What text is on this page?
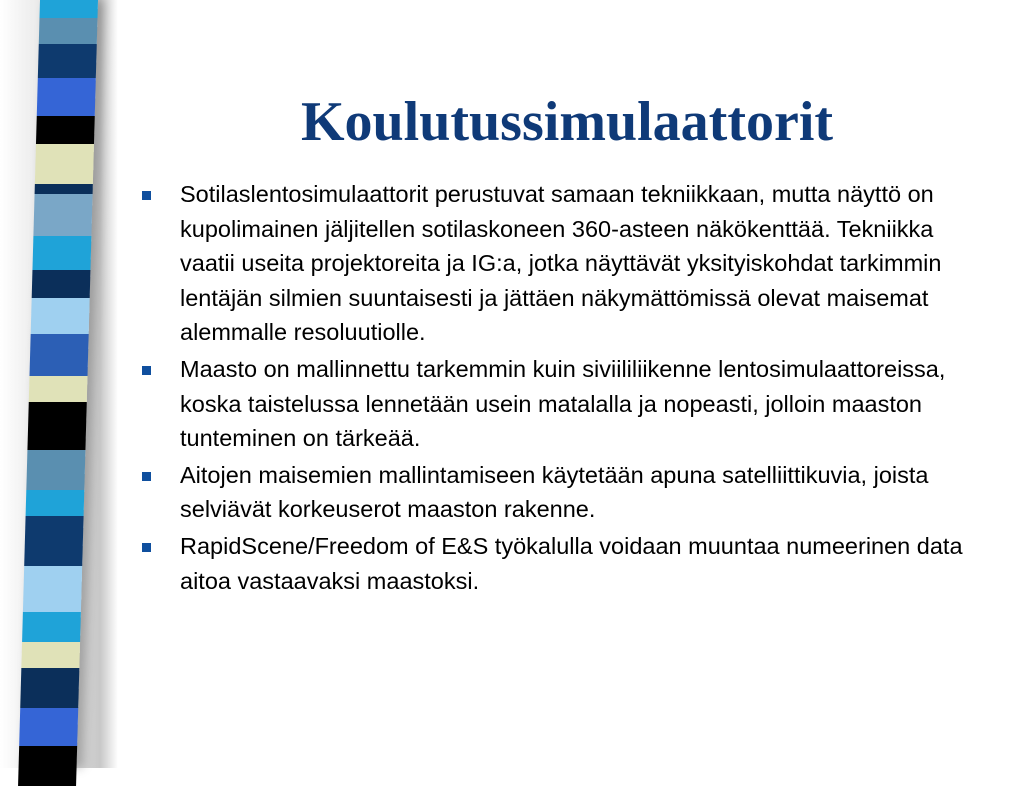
Koulutussimulaattorit
Sotilaslentosimulaattorit perustuvat samaan tekniikkaan, mutta näyttö on kupolimainen jäljitellen sotilaskoneen 360-asteen näkökenttää. Tekniikka vaatii useita projektoreita ja IG:a, jotka näyttävät yksityiskohdat tarkimmin lentäjän silmien suuntaisesti ja jättäen näkymättömissä olevat maisemat alemmalle resoluutiolle.
Maasto on mallinnettu tarkemmin kuin siviililiikenne lentosimulaattoreissa, koska taistelussa lennetään usein matalalla ja nopeasti, jolloin maaston tunteminen on tärkeää.
Aitojen maisemien mallintamiseen käytetään apuna satelliittikuvia, joista selviävät korkeuserot maaston rakenne.
RapidScene/Freedom of E&S työkalulla voidaan muuntaa numeerinen data aitoa vastaavaksi maastoksi.
